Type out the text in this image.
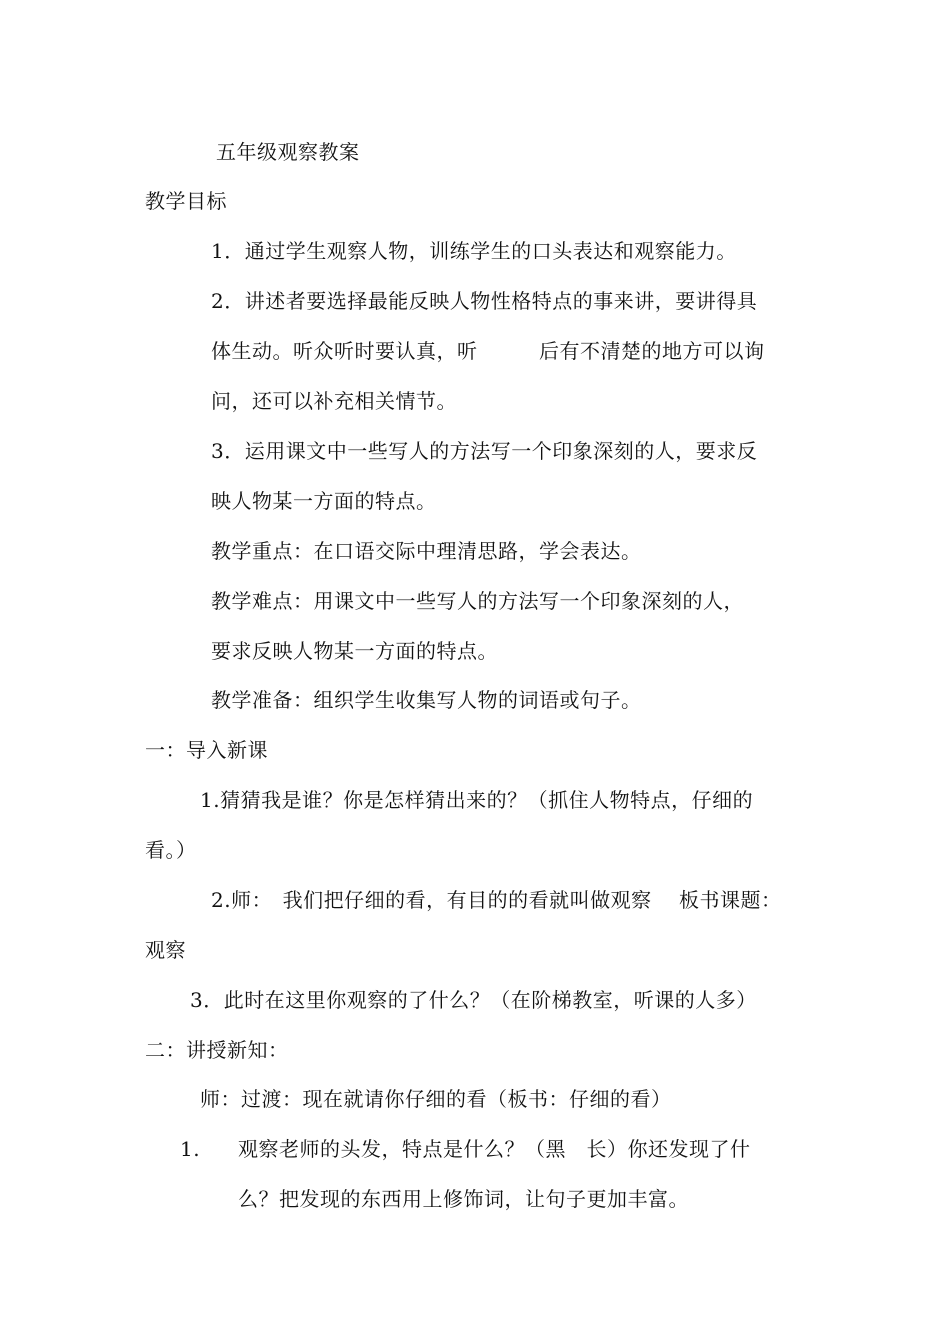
五年级观察教案
教学目标
1．通过学生观察人物，训练学生的口头表达和观察能力。
2．讲述者要选择最能反映人物性格特点的事来讲，要讲得具
体生动。听众听时要认真，听　　　后有不清楚的地方可以询
问，还可以补充相关情节。
3．运用课文中一些写人的方法写一个印象深刻的人，要求反
映人物某一方面的特点。
教学重点：在口语交际中理清思路，学会表达。
教学难点：用课文中一些写人的方法写一个印象深刻的人，
要求反映人物某一方面的特点。
教学准备：组织学生收集写人物的词语或句子。
一：导入新课
1.猜猜我是谁？你是怎样猜出来的？（抓住人物特点，仔细的
看。）
2.师：　我们把仔细的看，有目的的看就叫做观察　 板书课题：
观察
3．此时在这里你观察的了什么？（在阶梯教室，听课的人多）
二：讲授新知：
师：过渡：现在就请你仔细的看（板书：仔细的看）
1. 观察老师的头发，特点是什么？（黑　长）你还发现了什
么？把发现的东西用上修饰词，让句子更加丰富。
